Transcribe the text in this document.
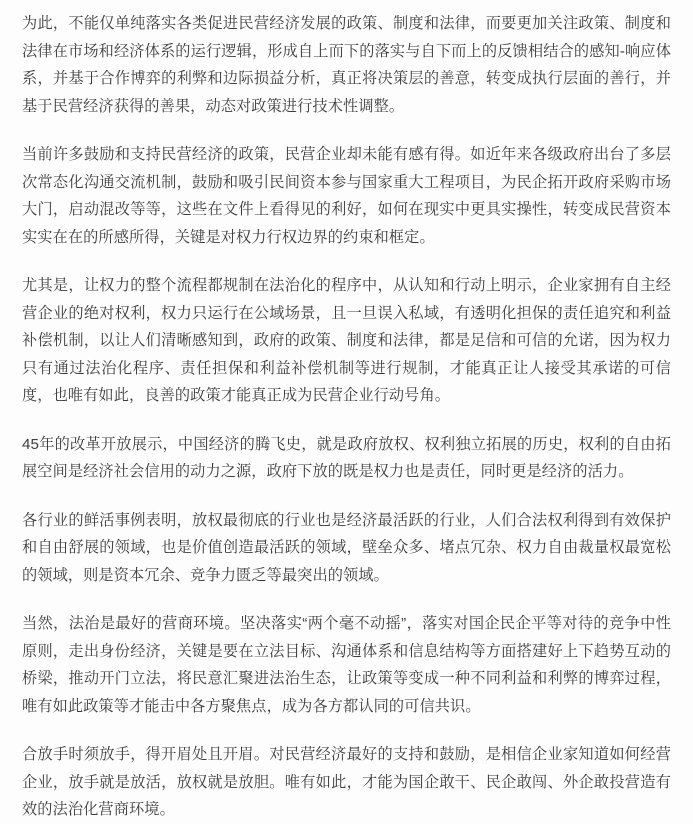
为此，不能仅单纯落实各类促进民营经济发展的政策、制度和法律，而要更加关注政策、制度和法律在市场和经济体系的运行逻辑，形成自上而下的落实与自下而上的反馈相结合的感知-响应体系，并基于合作博弈的利弊和边际损益分析，真正将决策层的善意，转变成执行层面的善行，并基于民营经济获得的善果，动态对政策进行技术性调整。

当前许多鼓励和支持民营经济的政策，民营企业却未能有感有得。如近年来各级政府出台了多层次常态化沟通交流机制，鼓励和吸引民间资本参与国家重大工程项目，为民企拓开政府采购市场大门，启动混改等等，这些在文件上看得见的利好，如何在现实中更具实操性，转变成民营资本实实在在的所感所得，关键是对权力行权边界的约束和框定。

尤其是，让权力的整个流程都规制在法治化的程序中，从认知和行动上明示，企业家拥有自主经营企业的绝对权利，权力只运行在公域场景，且一旦误入私域，有透明化担保的责任追究和利益补偿机制，以让人们清晰感知到，政府的政策、制度和法律，都是足信和可信的允诺，因为权力只有通过法治化程序、责任担保和利益补偿机制等进行规制，才能真正让人接受其承诺的可信度，也唯有如此，良善的政策才能真正成为民营企业行动号角。

45年的改革开放展示，中国经济的腾飞史，就是政府放权、权利独立拓展的历史，权利的自由拓展空间是经济社会信用的动力之源，政府下放的既是权力也是责任，同时更是经济的活力。

各行业的鲜活事例表明，放权最彻底的行业也是经济最活跃的行业，人们合法权利得到有效保护和自由舒展的领域，也是价值创造最活跃的领域，壁垒众多、堵点冗杂、权力自由裁量权最宽松的领域，则是资本冗余、竞争力匮乏等最突出的领域。

当然，法治是最好的营商环境。坚决落实“两个毫不动摇”，落实对国企民企平等对待的竞争中性原则，走出身份经济，关键是要在立法目标、沟通体系和信息结构等方面搭建好上下趋势互动的桥梁，推动开门立法，将民意汇聚进法治生态，让政策等变成一种不同利益和利弊的博弈过程，唯有如此政策等才能击中各方聚焦点，成为各方都认同的可信共识。

合放手时须放手，得开眉处且开眉。对民营经济最好的支持和鼓励，是相信企业家知道如何经营企业，放手就是放活，放权就是放胆。唯有如此，才能为国企敢干、民企敢闯、外企敢投营造有效的法治化营商环境。
